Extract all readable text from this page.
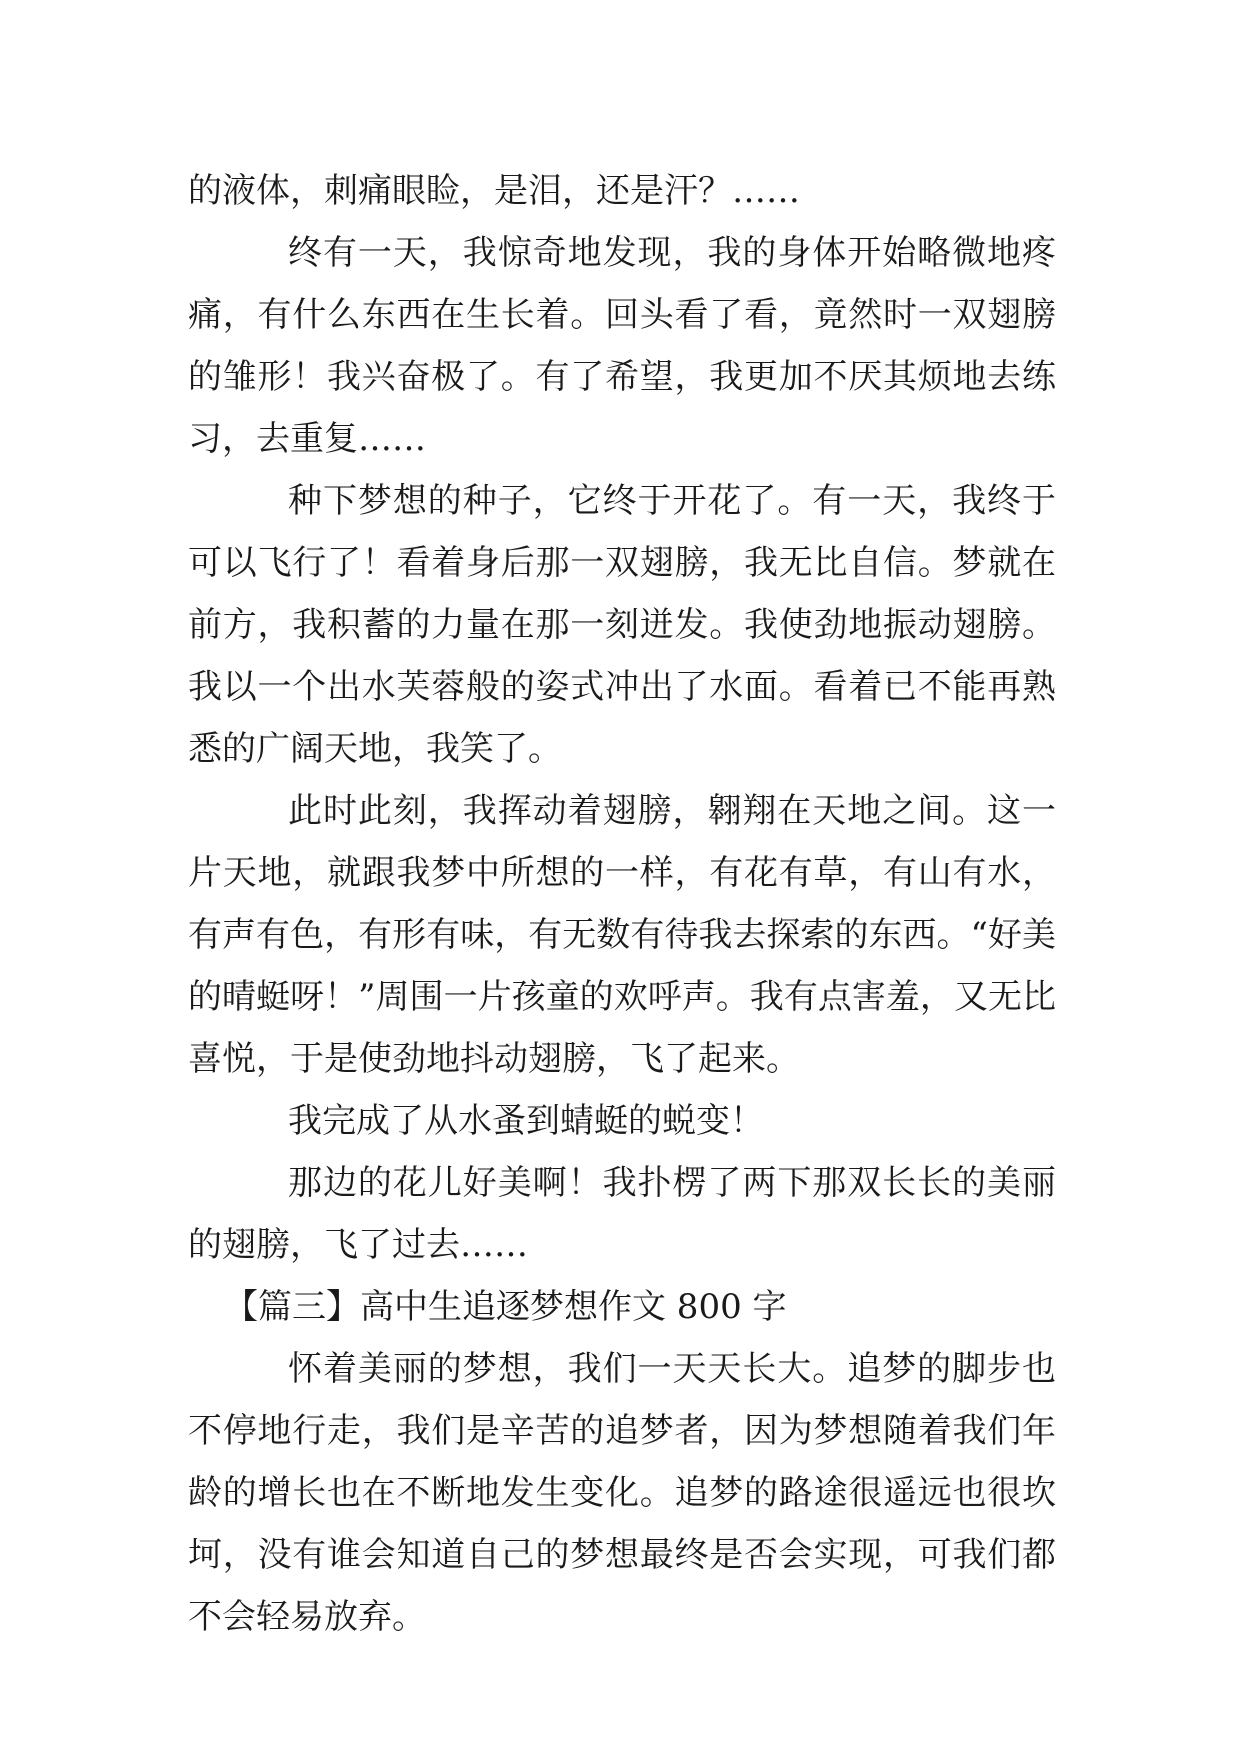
的液体，刺痛眼睑，是泪，还是汗？……

终有一天，我惊奇地发现，我的身体开始略微地疼痛，有什么东西在生长着。回头看了看，竟然时一双翅膀的雏形！我兴奋极了。有了希望，我更加不厌其烦地去练习，去重复……

种下梦想的种子，它终于开花了。有一天，我终于可以飞行了！看着身后那一双翅膀，我无比自信。梦就在前方，我积蓄的力量在那一刻迸发。我使劲地振动翅膀。我以一个出水芙蓉般的姿式冲出了水面。看着已不能再熟悉的广阔天地，我笑了。

此时此刻，我挥动着翅膀，翱翔在天地之间。这一片天地，就跟我梦中所想的一样，有花有草，有山有水，有声有色，有形有味，有无数有待我去探索的东西。“好美的晴蜓呀！”周围一片孩童的欢呼声。我有点害羞，又无比喜悦，于是使劲地抖动翅膀，飞了起来。

我完成了从水蚤到蜻蜓的蜕变！

那边的花儿好美啊！我扑楞了两下那双长长的美丽的翅膀，飞了过去……

【篇三】高中生追逐梦想作文 800 字

怀着美丽的梦想，我们一天天长大。追梦的脚步也不停地行走，我们是辛苦的追梦者，因为梦想随着我们年龄的增长也在不断地发生变化。追梦的路途很遥远也很坎坷，没有谁会知道自己的梦想最终是否会实现，可我们都不会轻易放弃。
